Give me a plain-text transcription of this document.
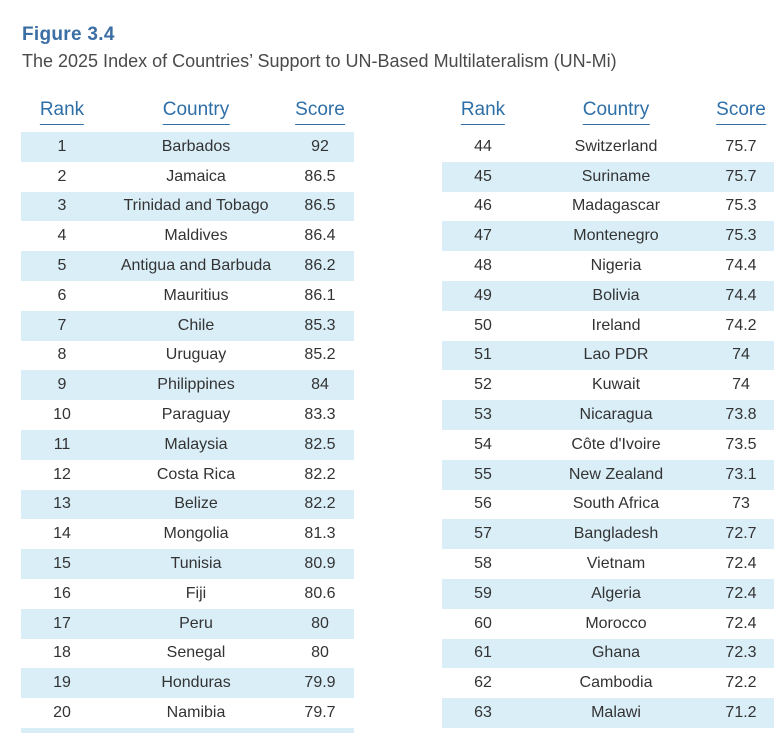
Figure 3.4
The 2025 Index of Countries’ Support to UN-Based Multilateralism (UN-Mi)
Rank	Country	Score
1	Barbados	92
2	Jamaica	86.5
3	Trinidad and Tobago 86.5
4	Maldives	86.4
5	Antigua and Barbuda 86.2
6	Mauritius	86.1
7	Chile	85.3
8	Uruguay	85.2
9	Philippines	84
10	Paraguay	83.3
11	Malaysia	82.5
12	Costa Rica	82.2
13	Belize	82.2
14	Mongolia	81.3
15	Tunisia	80.9
16	Fiji	80.6
17	Peru	80
18	Senegal	80
19	Honduras	79.9
20	Namibia	79.7
Rank	Country	Score
44	Switzerland	75.7
45	Suriname	75.7
46	Madagascar	75.3
47	Montenegro	75.3
48	Nigeria	74.4
49	Bolivia	74.4
50	Ireland	74.2
51	Lao PDR	74
52	Kuwait	74
53	Nicaragua	73.8
54	Côte d'Ivoire	73.5
55	New Zealand	73.1
56	South Africa	73
57	Bangladesh	72.7
58	Vietnam	72.4
59	Algeria	72.4
60	Morocco	72.4
61	Ghana	72.3
62	Cambodia	72.2
63	Malawi	71.2
